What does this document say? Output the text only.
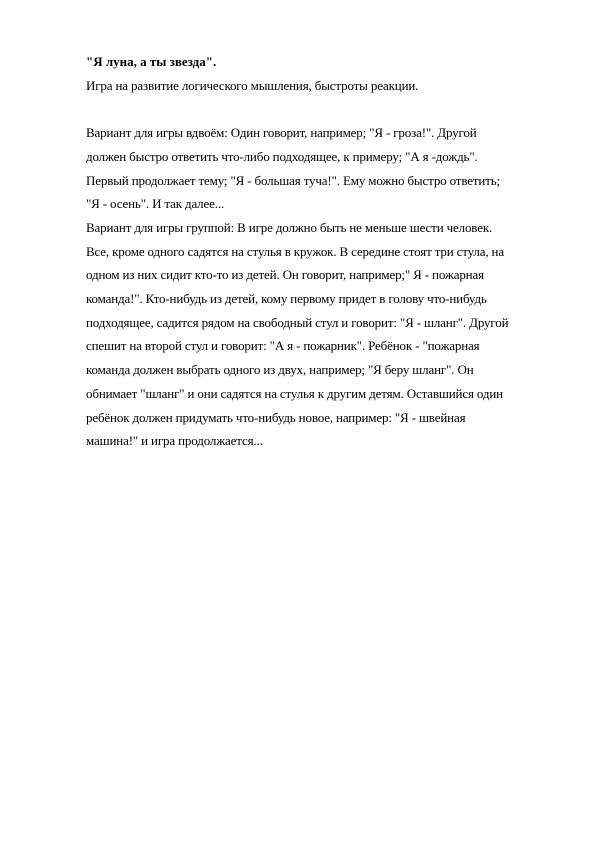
"Я луна, а ты звезда".
Игра на развитие логического мышления, быстроты реакции.
Вариант для игры вдвоём: Один говорит, например; "Я - гроза!". Другой
должен быстро ответить что-либо подходящее, к примеру; "А я -дождь".
Первый продолжает тему; "Я - большая туча!". Ему можно быстро ответить;
"Я - осень". И так далее...
Вариант для игры группой: В игре должно быть не меньше шести человек.
Все, кроме одного садятся на стулья в кружок. В середине стоят три стула, на
одном из них сидит кто-то из детей. Он говорит, например;" Я - пожарная
команда!". Кто-нибудь из детей, кому первому придет в голову что-нибудь
подходящее, садится рядом на свободный стул и говорит: "Я - шланг". Другой
спешит на второй стул и говорит: "А я - пожарник". Ребёнок - "пожарная
команда должен выбрать одного из двух, например; "Я беру шланг". Он
обнимает "шланг" и они садятся на стулья к другим детям. Оставшийся один
ребёнок должен придумать что-нибудь новое, например: "Я - швейная
машина!" и игра продолжается...
